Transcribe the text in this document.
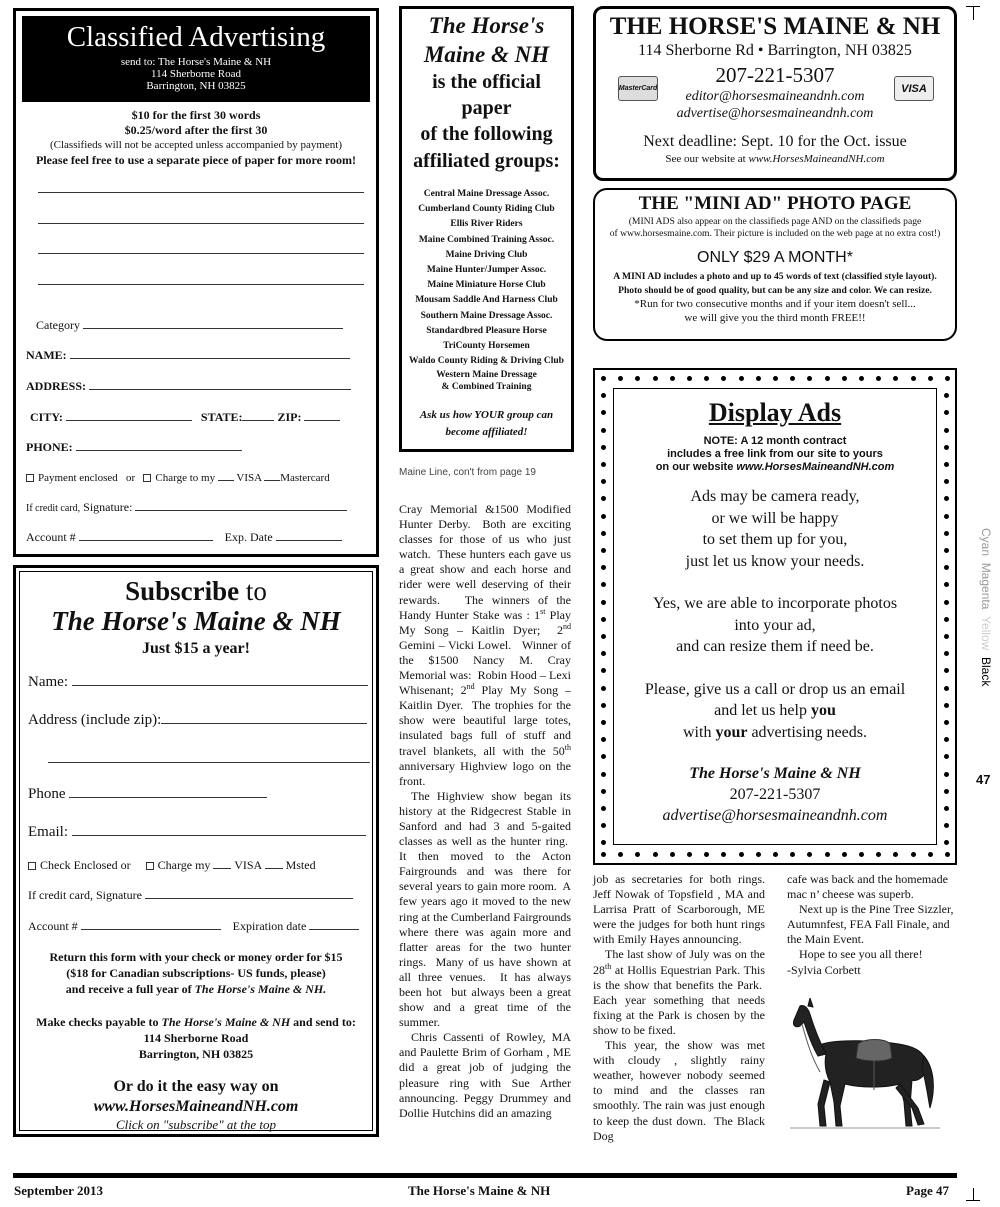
Classified Advertising
send to: The Horse's Maine & NH
114 Sherborne Road
Barrington, NH 03825
$10 for the first 30 words
$0.25/word after the first 30
(Classifieds will not be accepted unless accompanied by payment)
Please feel free to use a separate piece of paper for more room!
Category
NAME:
ADDRESS:
CITY:	STATE:	ZIP:
PHONE:
Payment enclosed or Charge to my VISA Mastercard
If credit card, Signature:
Account #	Exp. Date
Subscribe to
The Horse's Maine & NH
Just $15 a year!
Name:
Address (include zip):
Phone
Email:
Check Enclosed or Charge my VISA Msted
If credit card, Signature
Account #	Expiration date
Return this form with your check or money order for $15
($18 for Canadian subscriptions- US funds, please)
and receive a full year of The Horse's Maine & NH.
Make checks payable to The Horse's Maine & NH and send to:
114 Sherborne Road
Barrington, NH 03825
Or do it the easy way on
www.HorsesMaineandNH.com
Click on "subscribe" at the top
The Horse's
Maine & NH
is the official
paper
of the following
affiliated groups:
Central Maine Dressage Assoc.
Cumberland County Riding Club
Ellis River Riders
Maine Combined Training Assoc.
Maine Driving Club
Maine Hunter/Jumper Assoc.
Maine Miniature Horse Club
Mousam Saddle And Harness Club
Southern Maine Dressage Assoc.
Standardbred Pleasure Horse
TriCounty Horsemen
Waldo County Riding & Driving Club
Western Maine Dressage
& Combined Training
Ask us how YOUR group can
become affiliated!
Maine Line, con't from page 19
Cray Memorial &1500 Modified Hunter Derby.  Both are exciting classes for those of us who just watch.  These hunters each gave us a great show and each horse and rider were well deserving of their rewards.   The winners of the Handy Hunter Stake was : 1st Play My Song – Kaitlin Dyer;  2nd Gemini – Vicki Lowel.   Winner of the $1500 Nancy M. Cray Memorial was:  Robin Hood – Lexi Whisenant; 2nd Play My Song – Kaitlin Dyer.  The trophies for the show were beautiful large totes, insulated bags full of stuff and travel blankets, all with the 50th anniversary Highview logo on the front.

The Highview show began its history at the Ridgecrest Stable in Sanford and had 3 and 5-gaited classes as well as the hunter ring.  It then moved to the Acton Fairgrounds and was there for several years to gain more room.  A few years ago it moved to the new ring at the Cumberland Fairgrounds where there was again more and flatter areas for the two hunter rings.  Many of us have shown at all three venues.  It has always been hot  but always been a great show and a great time of the summer.

Chris Cassenti of Rowley, MA and Paulette Brim of Gorham , ME did a great job of judging the pleasure ring with Sue Arther announcing. Peggy Drummey and Dollie Hutchins did an amazing

job as secretaries for both rings. Jeff Nowak of Topsfield , MA and Larrisa Pratt of Scarborough, ME were the judges for both hunt rings with Emily Hayes announcing.

The last show of July was on the 28th at Hollis Equestrian Park. This is the show that benefits the Park.  Each year something that needs fixing at the Park is chosen by the show to be fixed.

This year, the show was met with cloudy , slightly rainy weather, however nobody seemed to mind and the classes ran smoothly. The rain was just enough to keep the dust down.  The Black Dog

cafe was back and the homemade mac n’ cheese was superb.

Next up is the Pine Tree Sizzler, Autumnfest, FEA Fall Finale, and the Main Event.

Hope to see you all there!

-Sylvia Corbett
THE HORSE'S MAINE & NH
114 Sherborne Rd • Barrington, NH 03825
207-221-5307
editor@horsesmaineandnh.com
advertise@horsesmaineandnh.com
Next deadline: Sept. 10 for the Oct. issue
See our website at www.HorsesMaineandNH.com
MasterCard	VISA
THE "MINI AD" PHOTO PAGE
(MINI ADS also appear on the classifieds page AND on the classifieds page
of www.horsesmaine.com. Their picture is included on the web page at no extra cost!)
ONLY $29 A MONTH*
A MINI AD includes a photo and up to 45 words of text (classified style layout).
Photo should be of good quality, but can be any size and color. We can resize.
*Run for two consecutive months and if your item doesn't sell...
we will give you the third month FREE!!
Display Ads
NOTE: A 12 month contract
includes a free link from our site to yours
on our website www.HorsesMaineandNH.com
Ads may be camera ready,
or we will be happy
to set them up for you,
just let us know your needs.
Yes, we are able to incorporate photos
into your ad,
and can resize them if need be.
Please, give us a call or drop us an email
and let us help you
with your advertising needs.
The Horse's Maine & NH
207-221-5307
advertise@horsesmaineandnh.com
Cyan  Magenta  Yellow  Black
47
September 2013	The Horse's Maine & NH	Page 47
